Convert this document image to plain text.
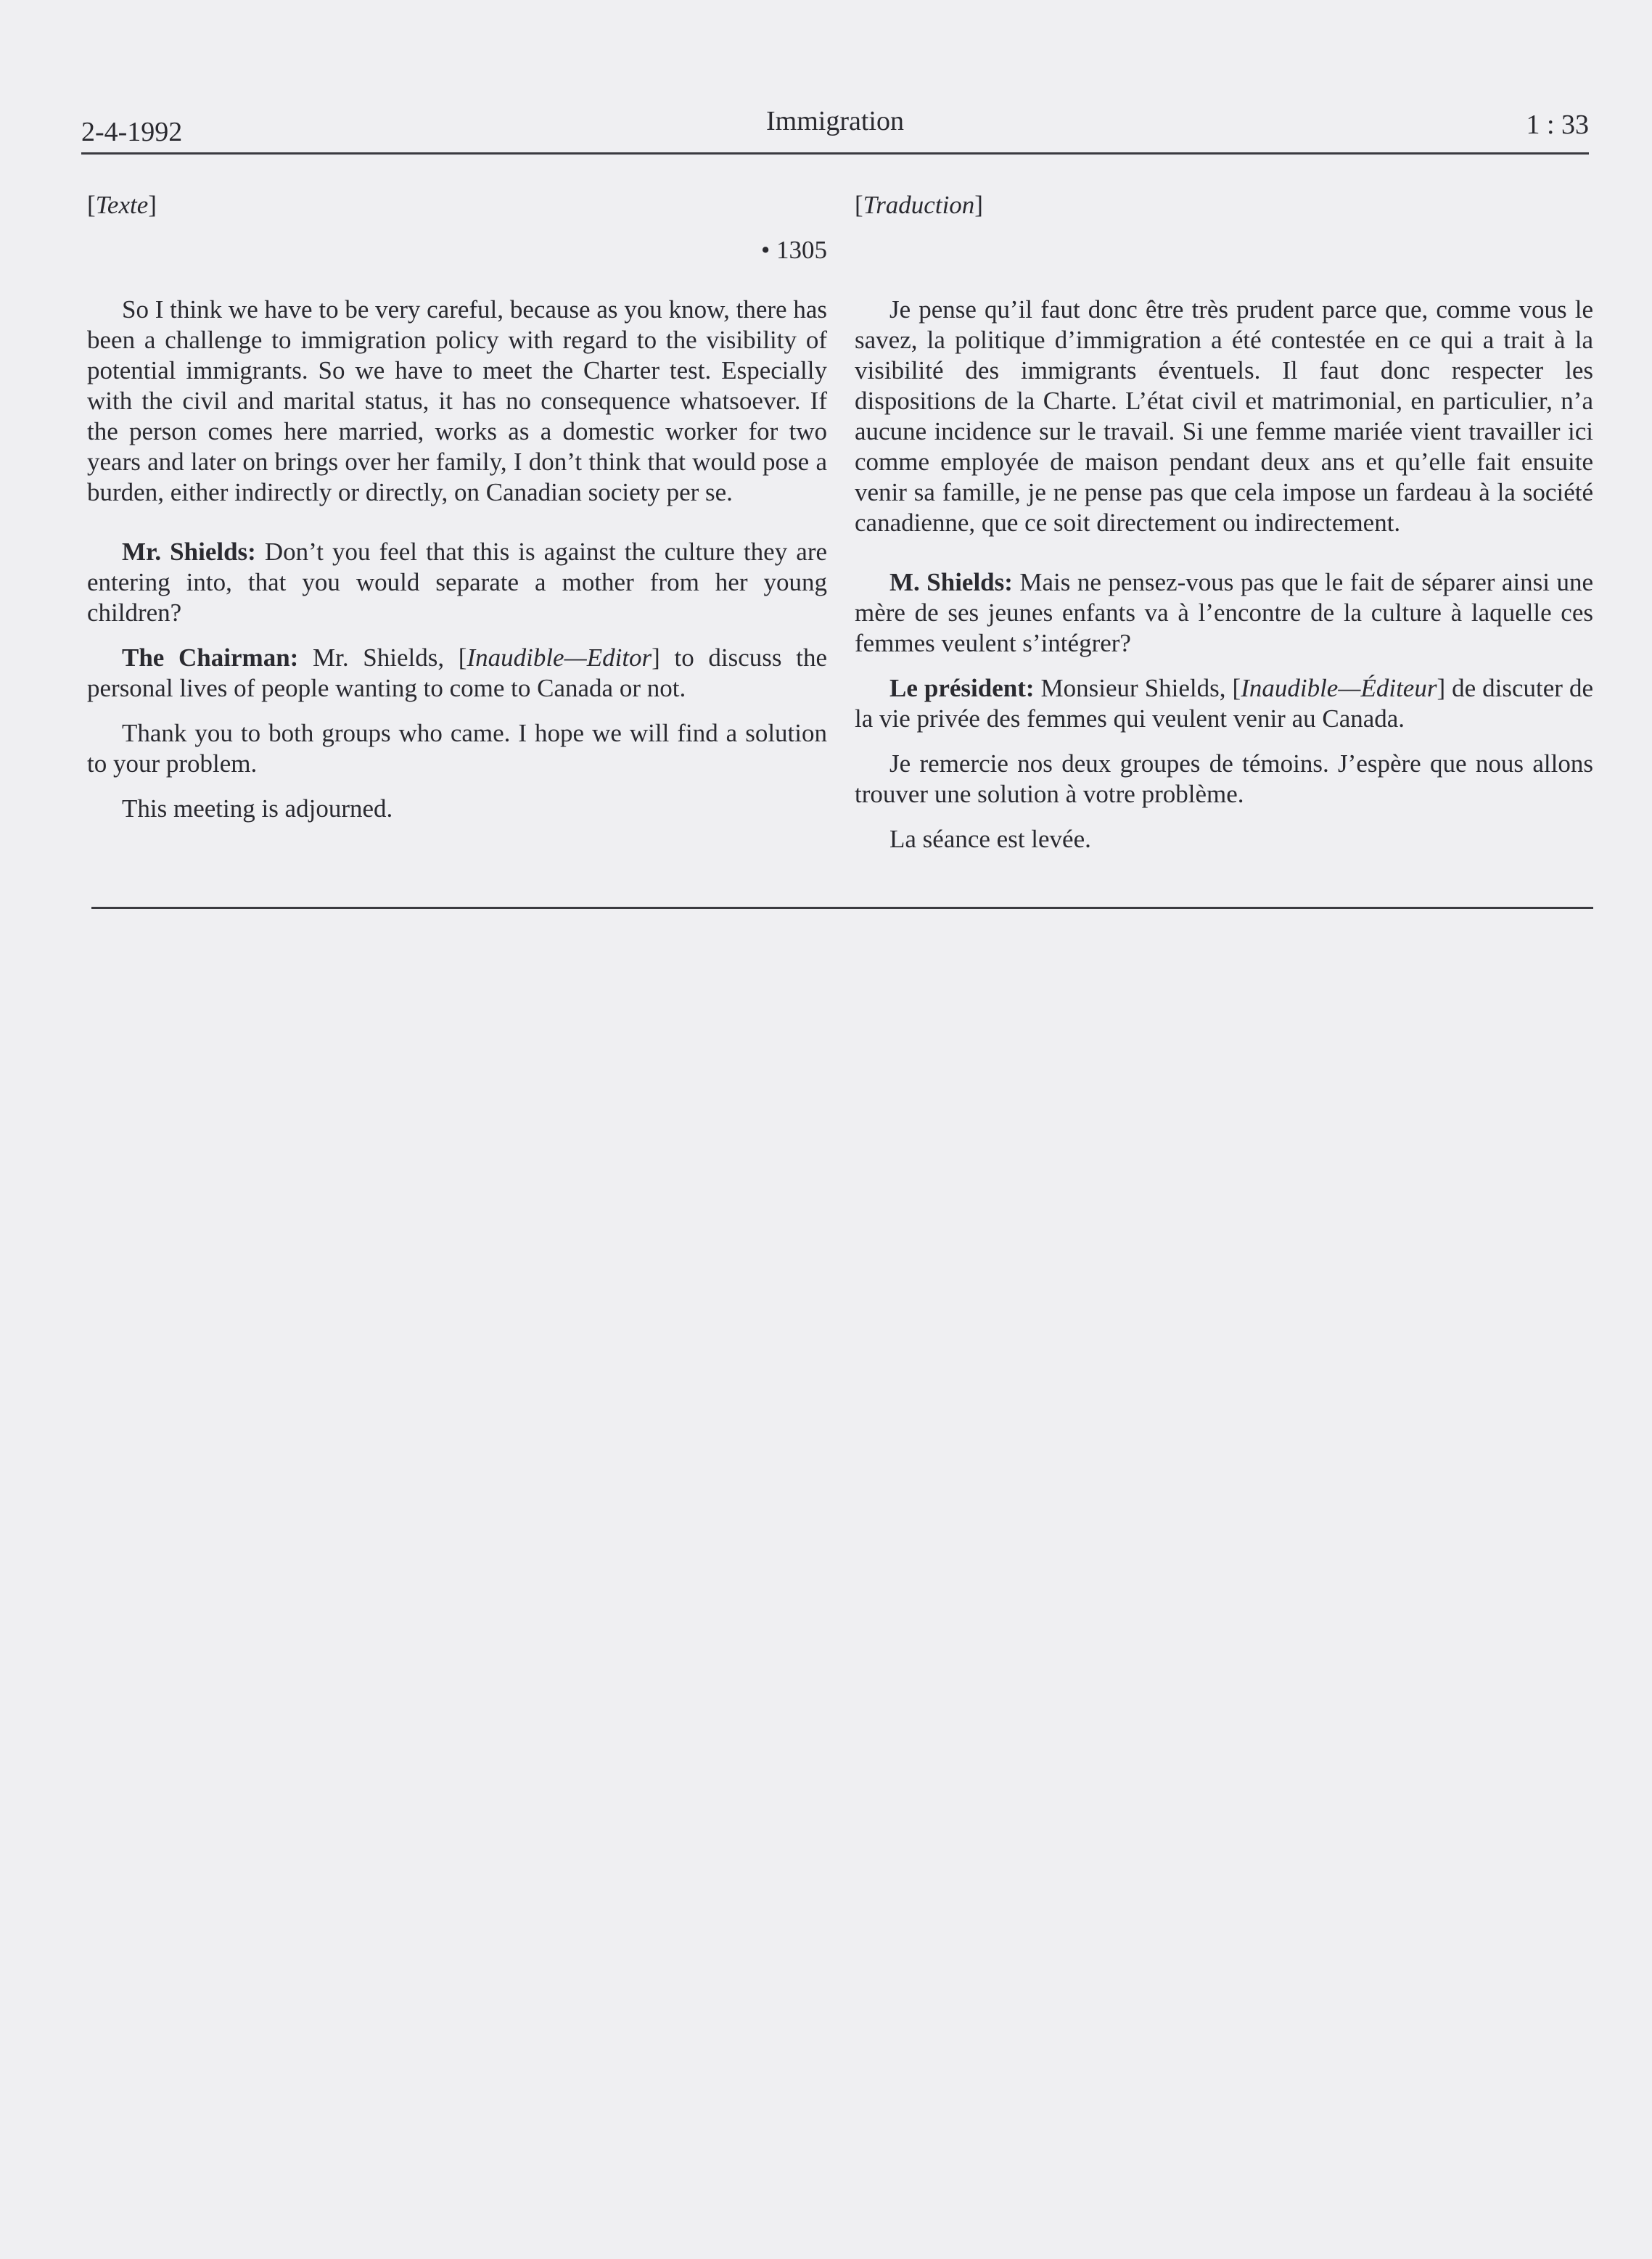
2-4-1992	Immigration	1 : 33

[Texte]

• 1305

So I think we have to be very careful, because as you know, there has been a challenge to immigration policy with regard to the visibility of potential immigrants. So we have to meet the Charter test. Especially with the civil and marital status, it has no consequence whatsoever. If the person comes here married, works as a domestic worker for two years and later on brings over her family, I don’t think that would pose a burden, either indirectly or directly, on Canadian society per se.

Mr. Shields: Don’t you feel that this is against the culture they are entering into, that you would separate a mother from her young children?

The Chairman: Mr. Shields, [Inaudible—Editor] to discuss the personal lives of people wanting to come to Canada or not.

Thank you to both groups who came. I hope we will find a solution to your problem.

This meeting is adjourned.

[Traduction]

Je pense qu’il faut donc être très prudent parce que, comme vous le savez, la politique d’immigration a été contestée en ce qui a trait à la visibilité des immigrants éventuels. Il faut donc respecter les dispositions de la Charte. L’état civil et matrimonial, en particulier, n’a aucune incidence sur le travail. Si une femme mariée vient travailler ici comme employée de maison pendant deux ans et qu’elle fait ensuite venir sa famille, je ne pense pas que cela impose un fardeau à la société canadienne, que ce soit directement ou indirectement.

M. Shields: Mais ne pensez-vous pas que le fait de séparer ainsi une mère de ses jeunes enfants va à l’encontre de la culture à laquelle ces femmes veulent s’intégrer?

Le président: Monsieur Shields, [Inaudible—Éditeur] de discuter de la vie privée des femmes qui veulent venir au Canada.

Je remercie nos deux groupes de témoins. J’espère que nous allons trouver une solution à votre problème.

La séance est levée.
